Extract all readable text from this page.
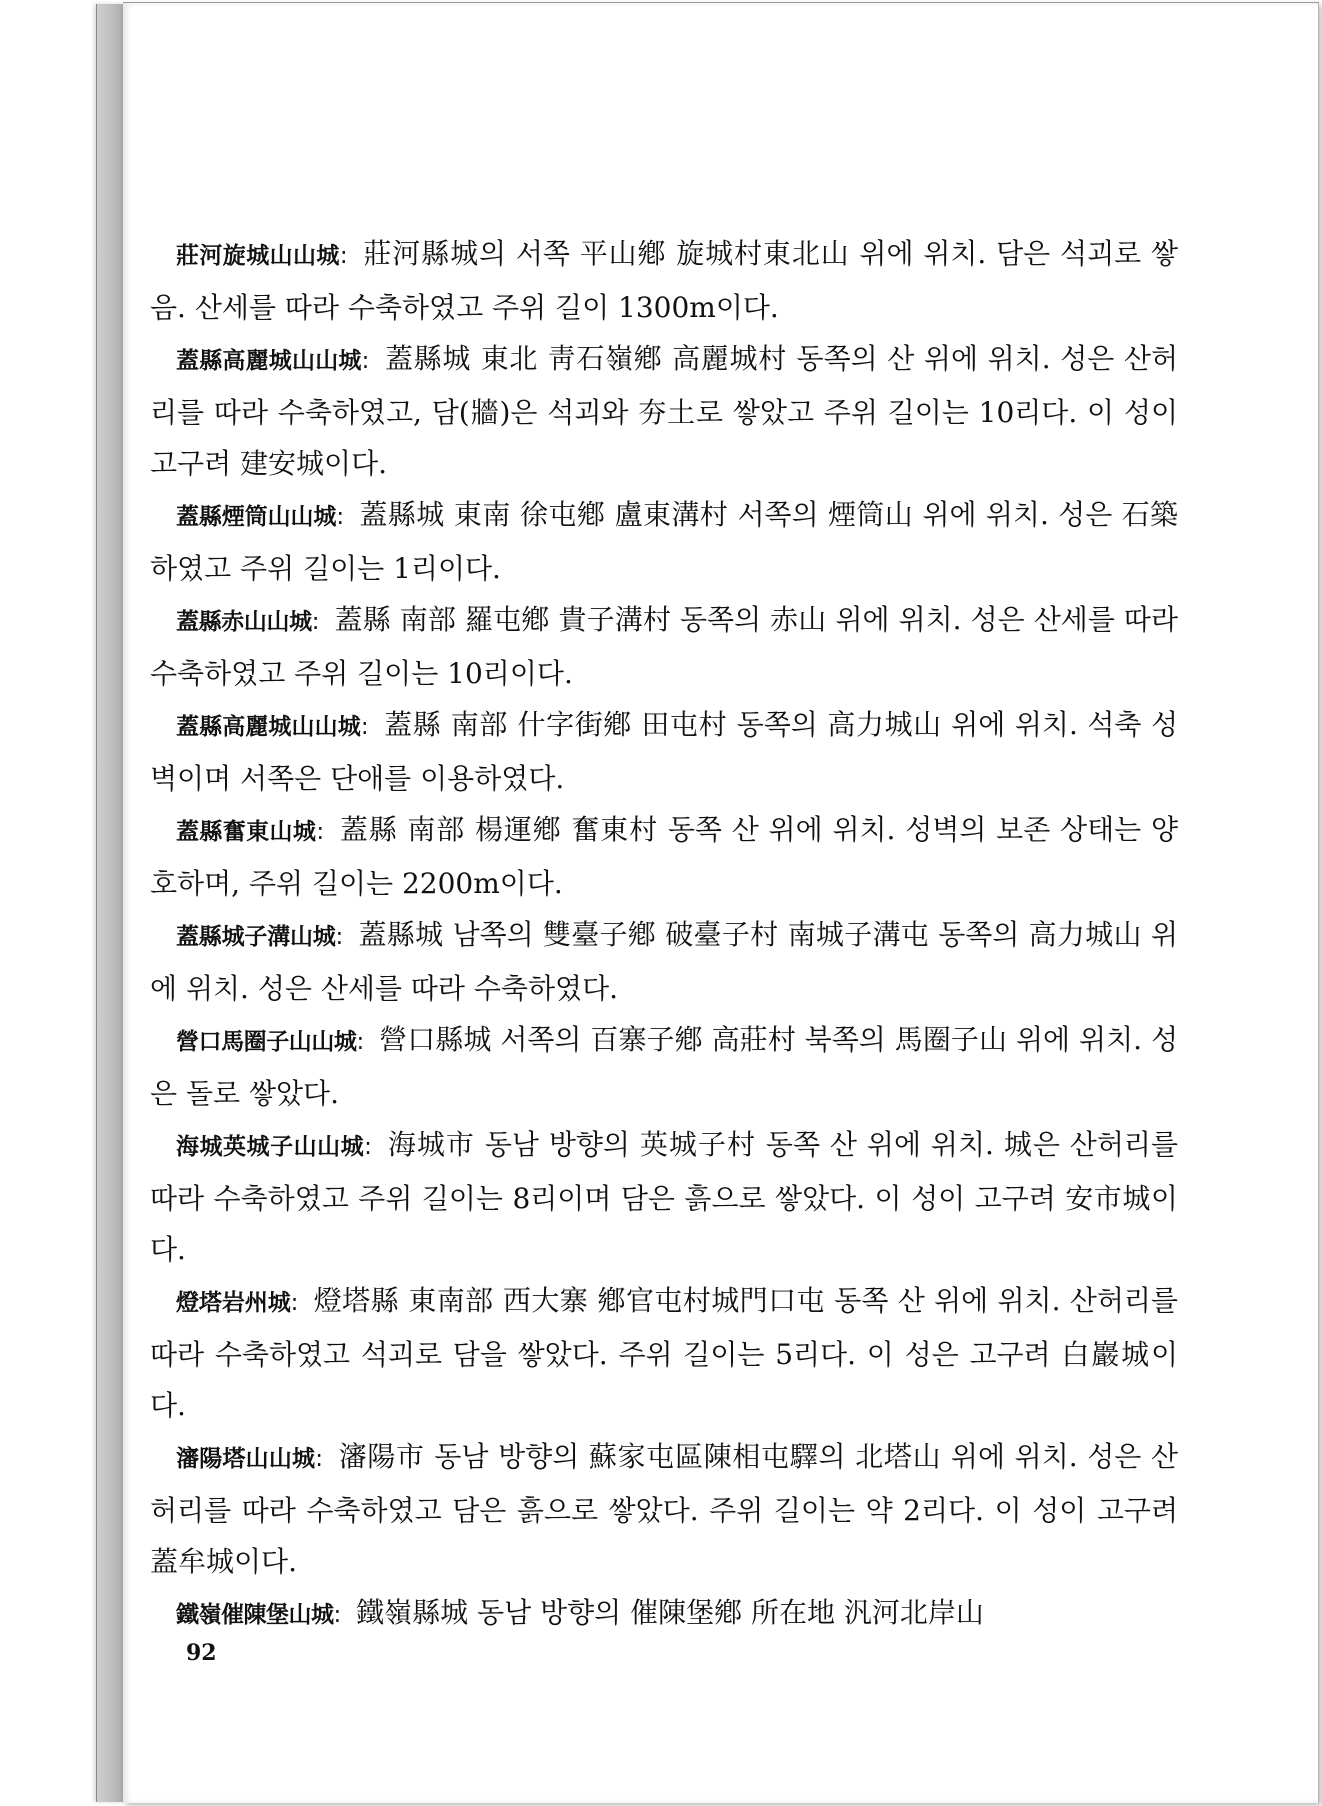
莊河旋城山山城: 莊河縣城의 서쪽 平山鄕 旋城村東北山 위에 위치. 담은 석괴로 쌓음. 산세를 따라 수축하였고 주위 길이 1300m이다.

蓋縣高麗城山山城: 蓋縣城 東北 靑石嶺鄕 高麗城村 동쪽의 산 위에 위치. 성은 산허리를 따라 수축하였고, 담(牆)은 석괴와 夯土로 쌓았고 주위 길이는 10리다. 이 성이 고구려 建安城이다.

蓋縣煙筒山山城: 蓋縣城 東南 徐屯鄕 盧東溝村 서쪽의 煙筒山 위에 위치. 성은 石築하였고 주위 길이는 1리이다.

蓋縣赤山山城: 蓋縣 南部 羅屯鄕 貴子溝村 동쪽의 赤山 위에 위치. 성은 산세를 따라 수축하였고 주위 길이는 10리이다.

蓋縣高麗城山山城: 蓋縣 南部 什字街鄕 田屯村 동쪽의 高力城山 위에 위치. 석축 성벽이며 서쪽은 단애를 이용하였다.

蓋縣奮東山城: 蓋縣 南部 楊運鄕 奮東村 동쪽 산 위에 위치. 성벽의 보존 상태는 양호하며, 주위 길이는 2200m이다.

蓋縣城子溝山城: 蓋縣城 남쪽의 雙臺子鄕 破臺子村 南城子溝屯 동쪽의 高力城山 위에 위치. 성은 산세를 따라 수축하였다.

營口馬圈子山山城: 營口縣城 서쪽의 百寨子鄕 高莊村 북쪽의 馬圈子山 위에 위치. 성은 돌로 쌓았다.

海城英城子山山城: 海城市 동남 방향의 英城子村 동쪽 산 위에 위치. 城은 산허리를 따라 수축하였고 주위 길이는 8리이며 담은 흙으로 쌓았다. 이 성이 고구려 安市城이다.

燈塔岩州城: 燈塔縣 東南部 西大寨 鄕官屯村城門口屯 동쪽 산 위에 위치. 산허리를 따라 수축하였고 석괴로 담을 쌓았다. 주위 길이는 5리다. 이 성은 고구려 白巖城이다.

瀋陽塔山山城: 瀋陽市 동남 방향의 蘇家屯區陳相屯驛의 北塔山 위에 위치. 성은 산허리를 따라 수축하였고 담은 흙으로 쌓았다. 주위 길이는 약 2리다. 이 성이 고구려 蓋牟城이다.

鐵嶺催陳堡山城: 鐵嶺縣城 동남 방향의 催陳堡鄕 所在地 汎河北岸山

92
